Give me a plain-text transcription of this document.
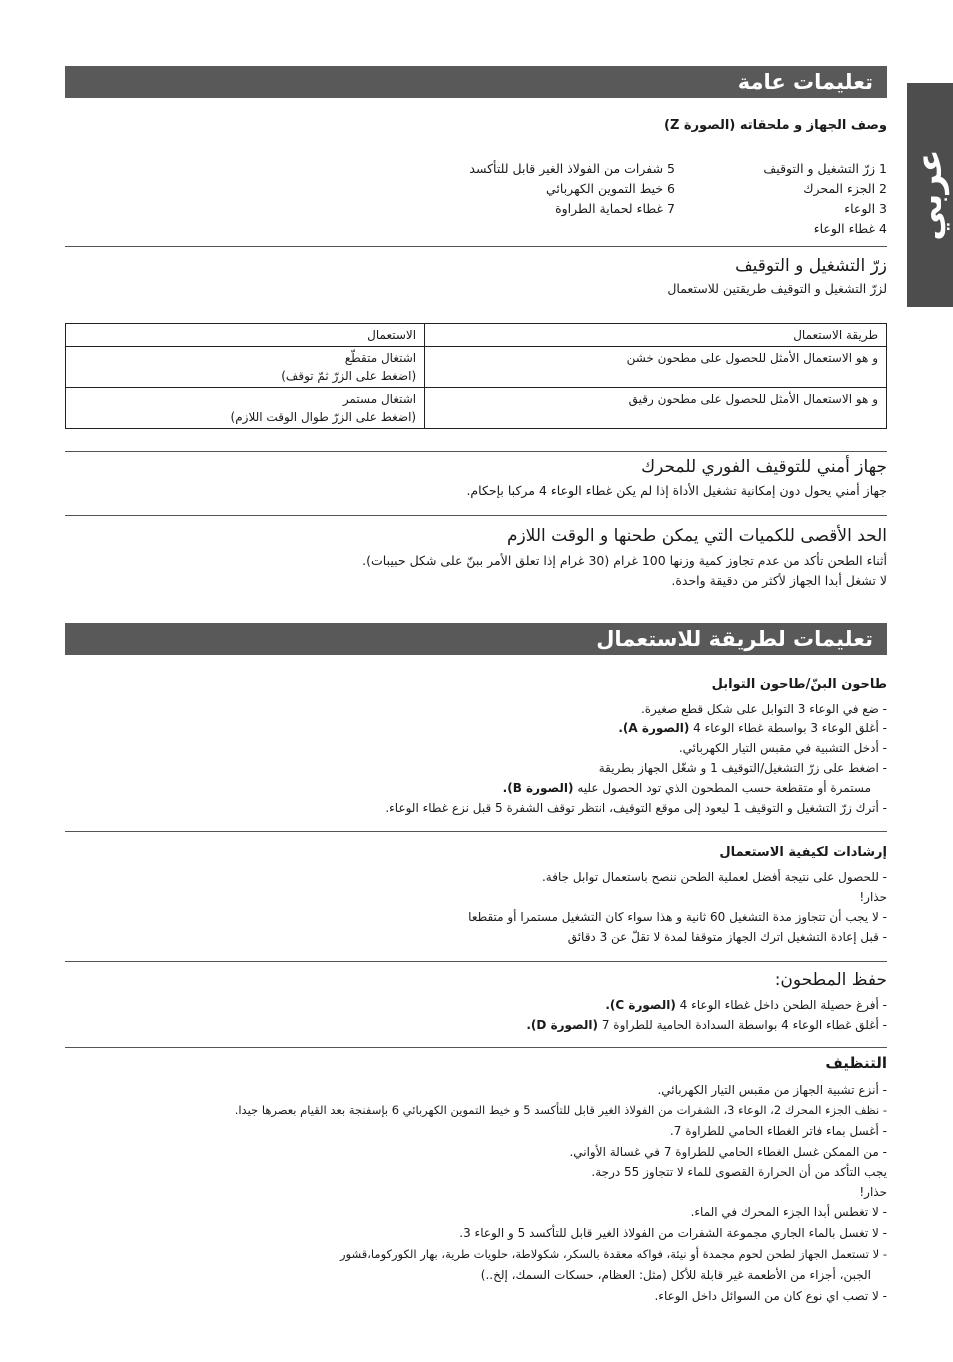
عربي
تعليمات عامة
وصف الجهاز و ملحقاته (الصورة Z)
1 زرّ التشغيل و التوقيف
2 الجزء المحرك
3 الوعاء
4 غطاء الوعاء
5 شفرات من الفولاذ الغير قابل للتأكسد
6 خيط التموين الكهربائي
7 غطاء لحماية الطراوة
زرّ التشغيل و التوقيف
لزرّ التشغيل و التوقيف طريقتين للاستعمال
طريقة الاستعمال	الاستعمال

و هو الاستعمال الأمثل للحصول على مطحون خشن	اشتغال متقطّع
(اضغط على الزرّ ثمّ توقف)

و هو الاستعمال الأمثل للحصول على مطحون رقيق	اشتغال مستمر
(اضغط على الزرّ طوال الوقت اللازم)
جهاز أمني للتوقيف الفوري للمحرك
جهاز أمني يحول دون إمكانية تشغيل الأداة إذا لم يكن غطاء الوعاء 4 مركبا بإحكام.
الحد الأقصى للكميات التي يمكن طحنها و الوقت اللازم
أثناء الطحن تأكد من عدم تجاوز كمية وزنها 100 غرام (30 غرام إذا تعلق الأمر ببنّ على شكل حبيبات).
لا تشغل أبدا الجهاز لأكثر من دقيقة واحدة.
تعليمات لطريقة للاستعمال
طاحون البنّ/طاحون التوابل
- ضع في الوعاء 3 التوابل على شكل قطع صغيرة.
- أغلق الوعاء 3 بواسطة غطاء الوعاء 4 (الصورة A).
- أدخل التشبية في مقبس التيار الكهربائي.
- اضغط على زرّ التشغيل/التوقيف 1 و شغّل الجهاز بطريقة
مستمرة أو متقطعة حسب المطحون الذي تود الحصول عليه (الصورة B).
- أترك زرّ التشغيل و التوقيف 1 ليعود إلى موقع التوقيف، انتظر توقف الشفرة 5 قبل نزع غطاء الوعاء.
إرشادات لكيفية الاستعمال
- للحصول على نتيجة أفضل لعملية الطحن ننصح باستعمال توابل جافة.
حذار!
- لا يجب أن تتجاوز مدة التشغيل 60 ثانية و هذا سواء كان التشغيل مستمرا أو متقطعا
- قبل إعادة التشغيل اترك الجهاز متوقفا لمدة لا تقلّ عن 3 دقائق
حفظ المطحون:
- أفرغ حصيلة الطحن داخل غطاء الوعاء 4 (الصورة C).
- أغلق غطاء الوعاء 4 بواسطة السدادة الحامية للطراوة 7 (الصورة D).
التنظيف
- أنزع تشبية الجهاز من مقبس التيار الكهربائي.
- نظف الجزء المحرك 2، الوعاء 3، الشفرات من الفولاذ الغير قابل للتأكسد 5 و خيط التموين الكهربائي 6 بإسفنجة بعد القيام بعصرها جيدا.
- أغسل بماء فاتر الغطاء الحامي للطراوة 7.
- من الممكن غسل الغطاء الحامي للطراوة 7 في غسالة الأواني.
يجب التأكد من أن الحرارة القصوى للماء لا تتجاوز 55 درجة.
حذار!
- لا تغطس أبدا الجزء المحرك في الماء.
- لا تغسل بالماء الجاري مجموعة الشفرات من الفولاذ الغير قابل للتأكسد 5 و الوعاء 3.
- لا تستعمل الجهاز لطحن لحوم مجمدة أو نيئة، فواكه معقدة بالسكر، شكولاطة، حلويات طرية، بهار الكوركوما،قشور
الجبن، أجزاء من الأطعمة غير قابلة للأكل (مثل: العظام، حسكات السمك، إلخ..)
- لا تصب اي نوع كان من السوائل داخل الوعاء.
